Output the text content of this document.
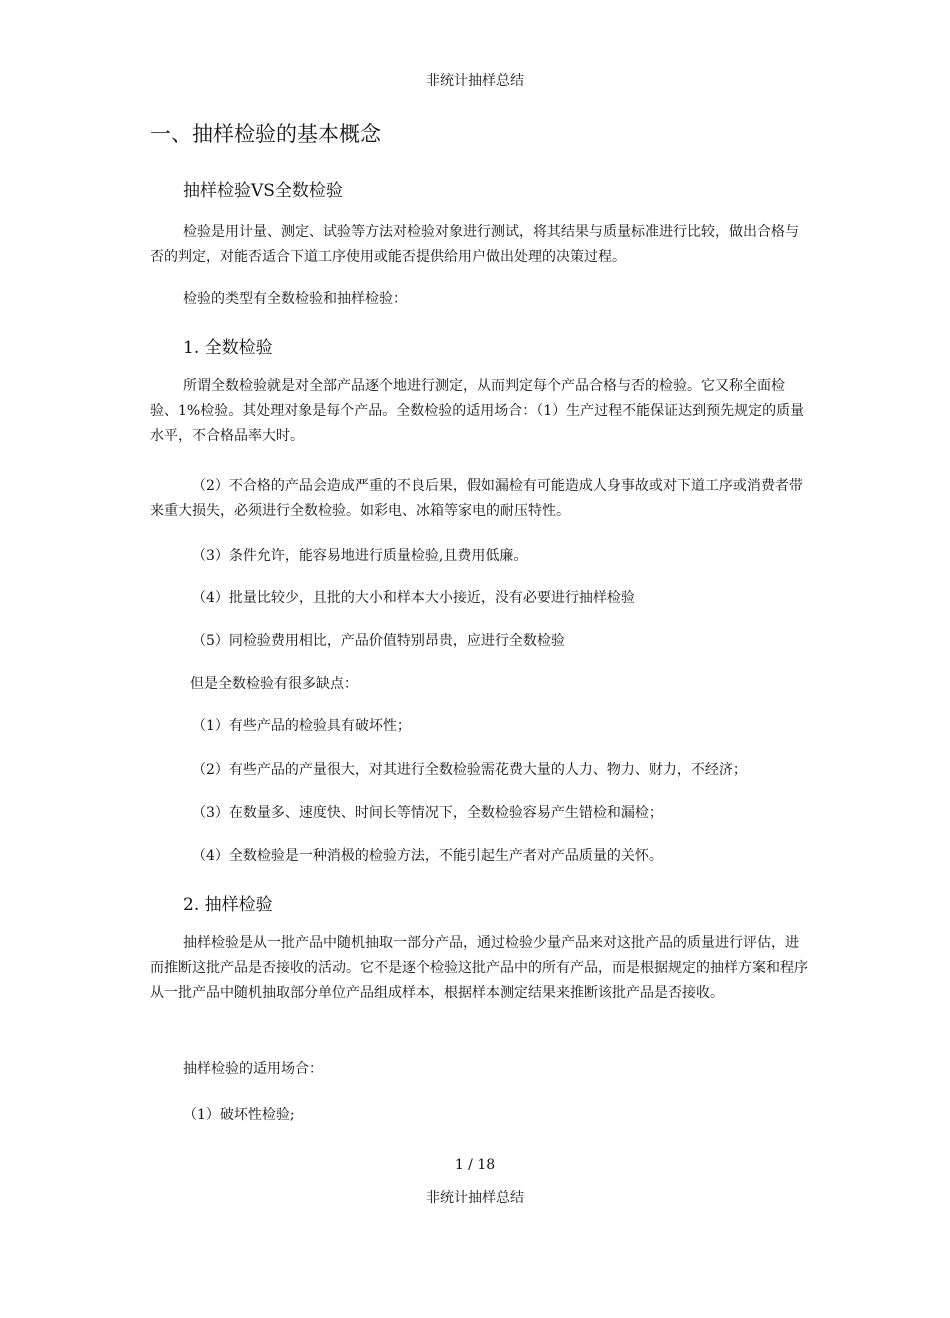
非统计抽样总结
一、抽样检验的基本概念
抽样检验VS全数检验

检验是用计量、测定、试验等方法对检验对象进行测试，将其结果与质量标准进行比较，做出合格与否的判定，对能否适合下道工序使用或能否提供给用户做出处理的决策过程。

检验的类型有全数检验和抽样检验：

1. 全数检验

所谓全数检验就是对全部产品逐个地进行测定，从而判定每个产品合格与否的检验。它又称全面检验、1%检验。其处理对象是每个产品。全数检验的适用场合：（1）生产过程不能保证达到预先规定的质量水平，不合格品率大时。

（2）不合格的产品会造成严重的不良后果，假如漏检有可能造成人身事故或对下道工序或消费者带来重大损失，必须进行全数检验。如彩电、冰箱等家电的耐压特性。

（3）条件允许，能容易地进行质量检验,且费用低廉。

（4）批量比较少，且批的大小和样本大小接近，没有必要进行抽样检验

（5）同检验费用相比，产品价值特别昂贵，应进行全数检验

但是全数检验有很多缺点：

（1）有些产品的检验具有破坏性；

（2）有些产品的产量很大，对其进行全数检验需花费大量的人力、物力、财力，不经济；

（3）在数量多、速度快、时间长等情况下，全数检验容易产生错检和漏检；

（4）全数检验是一种消极的检验方法，不能引起生产者对产品质量的关怀。

2. 抽样检验

抽样检验是从一批产品中随机抽取一部分产品，通过检验少量产品来对这批产品的质量进行评估，进而推断这批产品是否接收的活动。它不是逐个检验这批产品中的所有产品，而是根据规定的抽样方案和程序从一批产品中随机抽取部分单位产品组成样本，根据样本测定结果来推断该批产品是否接收。

抽样检验的适用场合：

（1）破坏性检验;

1 / 18
非统计抽样总结
